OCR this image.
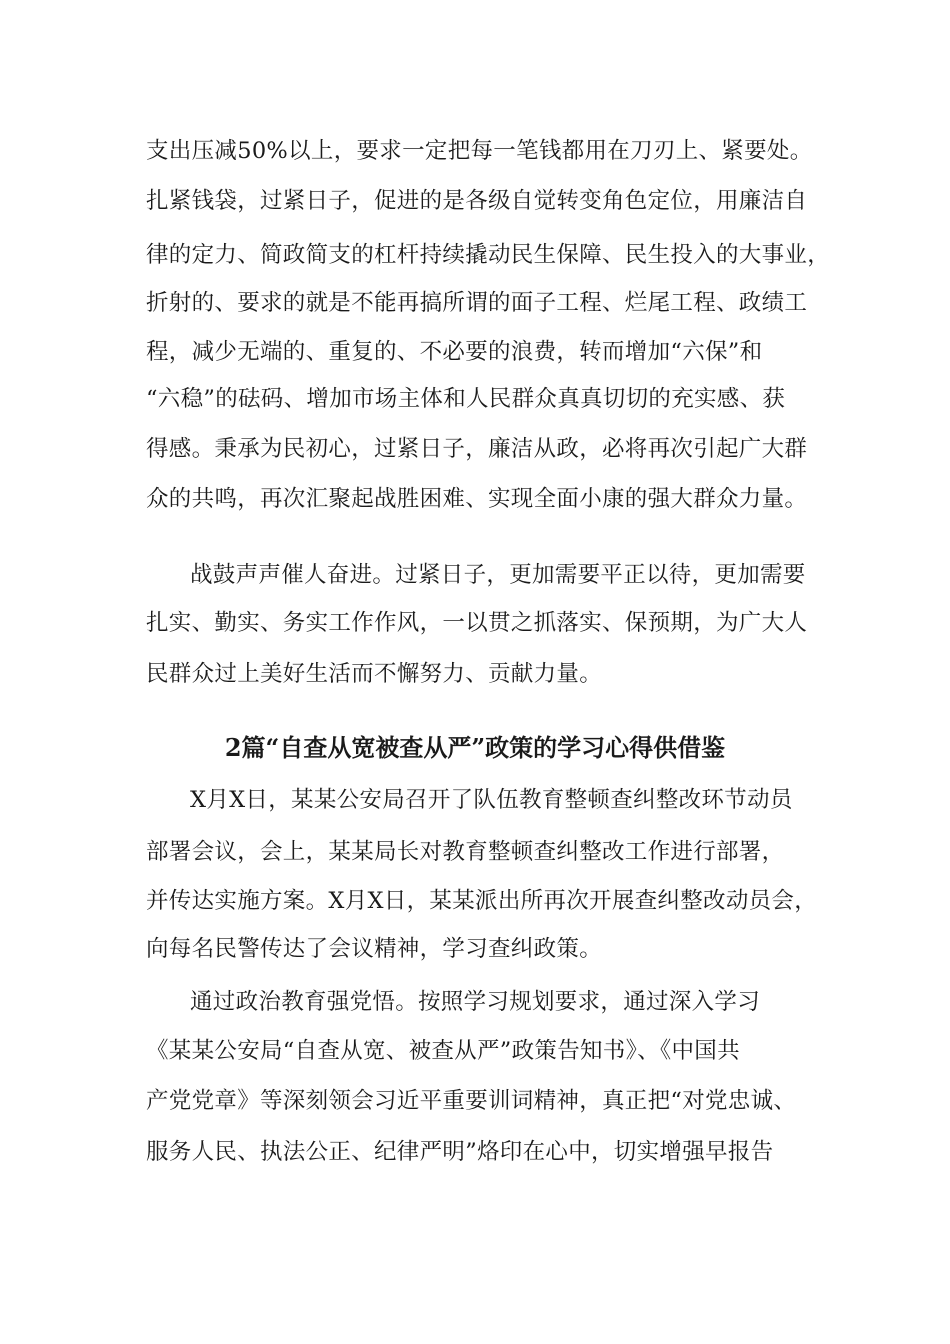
支出压减50%以上，要求一定把每一笔钱都用在刀刃上、紧要处。
扎紧钱袋，过紧日子，促进的是各级自觉转变角色定位，用廉洁自
律的定力、简政简支的杠杆持续撬动民生保障、民生投入的大事业，
折射的、要求的就是不能再搞所谓的面子工程、烂尾工程、政绩工
程，减少无端的、重复的、不必要的浪费，转而增加“六保”和
“六稳”的砝码、增加市场主体和人民群众真真切切的充实感、获
得感。秉承为民初心，过紧日子，廉洁从政，必将再次引起广大群
众的共鸣，再次汇聚起战胜困难、实现全面小康的强大群众力量。
战鼓声声催人奋进。过紧日子，更加需要平正以待，更加需要
扎实、勤实、务实工作作风，一以贯之抓落实、保预期，为广大人
民群众过上美好生活而不懈努力、贡献力量。
2篇“自查从宽被查从严”政策的学习心得供借鉴
X月X日，某某公安局召开了队伍教育整顿查纠整改环节动员
部署会议，会上，某某局长对教育整顿查纠整改工作进行部署，
并传达实施方案。X月X日，某某派出所再次开展查纠整改动员会，
向每名民警传达了会议精神，学习查纠政策。
通过政治教育强党悟。按照学习规划要求，通过深入学习
《某某公安局“自查从宽、被查从严”政策告知书》、《中国共
产党党章》等深刻领会习近平重要训词精神，真正把“对党忠诚、
服务人民、执法公正、纪律严明”烙印在心中，切实增强早报告
